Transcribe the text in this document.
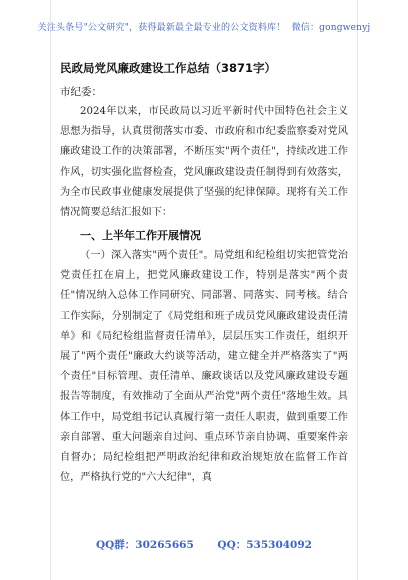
关注头条号"公文研究"，获得最新最全最专业的公文资料库！  微信：gongwenyj
民政局党风廉政建设工作总结（3871字）
市纪委：
2024年以来，市民政局以习近平新时代中国特色社会主义思想为指导，认真贯彻落实市委、市政府和市纪委监察委对党风廉政建设工作的决策部署，不断压实"两个责任"，持续改进工作作风，切实强化监督检查，党风廉政建设责任制得到有效落实，为全市民政事业健康发展提供了坚强的纪律保障。现将有关工作情况简要总结汇报如下：
一、上半年工作开展情况
（一）深入落实"两个责任"。局党组和纪检组切实把管党治党责任扛在肩上，把党风廉政建设工作，特别是落实"两个责任"情况纳入总体工作同研究、同部署、同落实、同考核。结合工作实际，分别制定了《局党组和班子成员党风廉政建设责任清单》和《局纪检组监督责任清单》，层层压实工作责任，组织开展了"两个责任"廉政大约谈等活动，建立健全并严格落实了"两个责任"目标管理、责任清单、廉政谈话以及党风廉政建设专题报告等制度，有效推动了全面从严治党"两个责任"落地生效。具体工作中，局党组书记认真履行第一责任人职责，做到重要工作亲自部署、重大问题亲自过问、重点环节亲自协调、重要案件亲自督办；局纪检组把严明政治纪律和政治规矩放在监督工作首位，严格执行党的"六大纪律"，真
QQ群：30265665 QQ：535304092
